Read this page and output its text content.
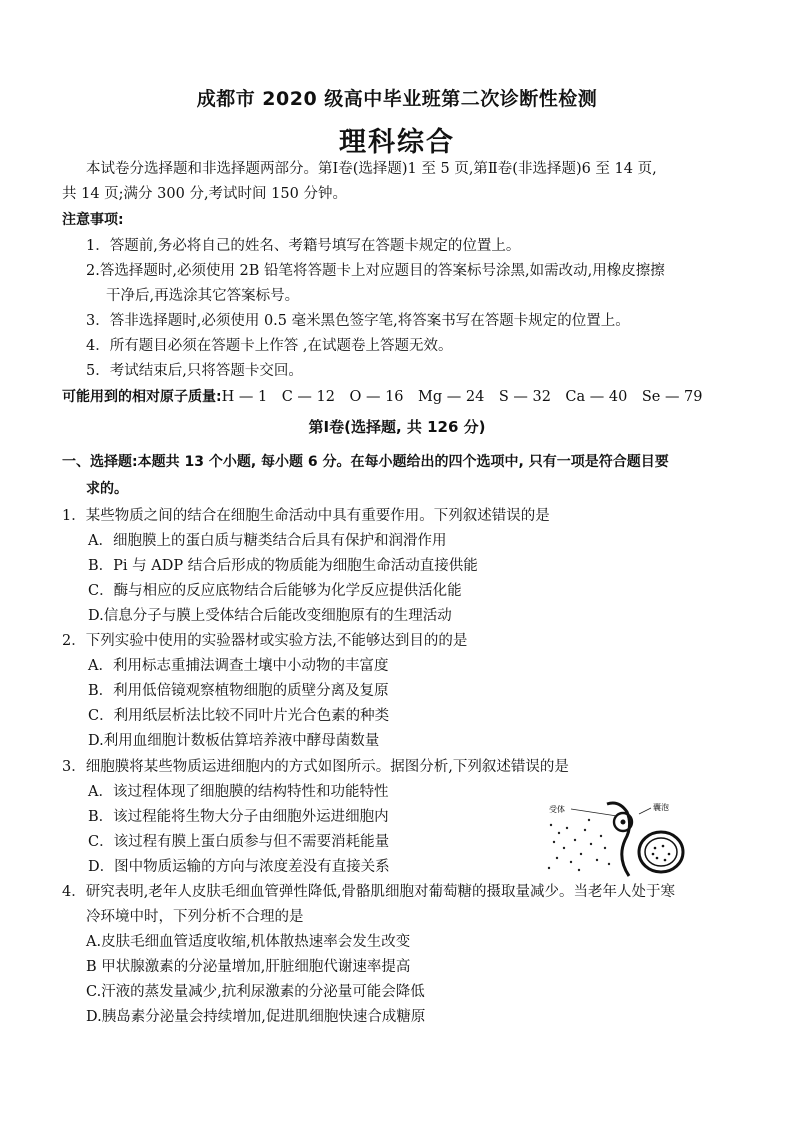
成都市 2020 级高中毕业班第二次诊断性检测
理科综合
本试卷分选择题和非选择题两部分。第Ⅰ卷(选择题)1 至 5 页,第Ⅱ卷(非选择题)6 至 14 页,
共 14 页;满分 300 分,考试时间 150 分钟。
注意事项:
1．答题前,务必将自己的姓名、考籍号填写在答题卡规定的位置上。
2.答选择题时,必须使用 2B 铅笔将答题卡上对应题目的答案标号涂黑,如需改动,用橡皮擦擦
干净后,再选涂其它答案标号。
3．答非选择题时,必须使用 0.5 毫米黑色签字笔,将答案书写在答题卡规定的位置上。
4．所有题目必须在答题卡上作答 ,在试题卷上答题无效。
5．考试结束后,只将答题卡交回。
可能用到的相对原子质量:H — 1　C — 12　O — 16　Mg — 24　S — 32　Ca — 40　Se — 79
第Ⅰ卷(选择题, 共 126 分)
一、选择题:本题共 13 个小题, 每小题 6 分。在每小题给出的四个选项中, 只有一项是符合题目要
求的。
1．某些物质之间的结合在细胞生命活动中具有重要作用。下列叙述错误的是
A．细胞膜上的蛋白质与糖类结合后具有保护和润滑作用
B．Pi 与 ADP 结合后形成的物质能为细胞生命活动直接供能
C．酶与相应的反应底物结合后能够为化学反应提供活化能
D.信息分子与膜上受体结合后能改变细胞原有的生理活动
2．下列实验中使用的实验器材或实验方法,不能够达到目的的是
A．利用标志重捕法调查土壤中小动物的丰富度
B．利用低倍镜观察植物细胞的质壁分离及复原
C．利用纸层析法比较不同叶片光合色素的种类
D.利用血细胞计数板估算培养液中酵母菌数量
3．细胞膜将某些物质运进细胞内的方式如图所示。据图分析,下列叙述错误的是
A．该过程体现了细胞膜的结构特性和功能特性
B．该过程能将生物大分子由细胞外运进细胞内
C．该过程有膜上蛋白质参与但不需要消耗能量
D．图中物质运输的方向与浓度差没有直接关系
受体	囊泡
4．研究表明,老年人皮肤毛细血管弹性降低,骨骼肌细胞对葡萄糖的摄取量减少。当老年人处于寒
冷环境中时，下列分析不合理的是
A.皮肤毛细血管适度收缩,机体散热速率会发生改变
B 甲状腺激素的分泌量增加,肝脏细胞代谢速率提高
C.汗液的蒸发量减少,抗利尿激素的分泌量可能会降低
D.胰岛素分泌量会持续增加,促进肌细胞快速合成糖原
